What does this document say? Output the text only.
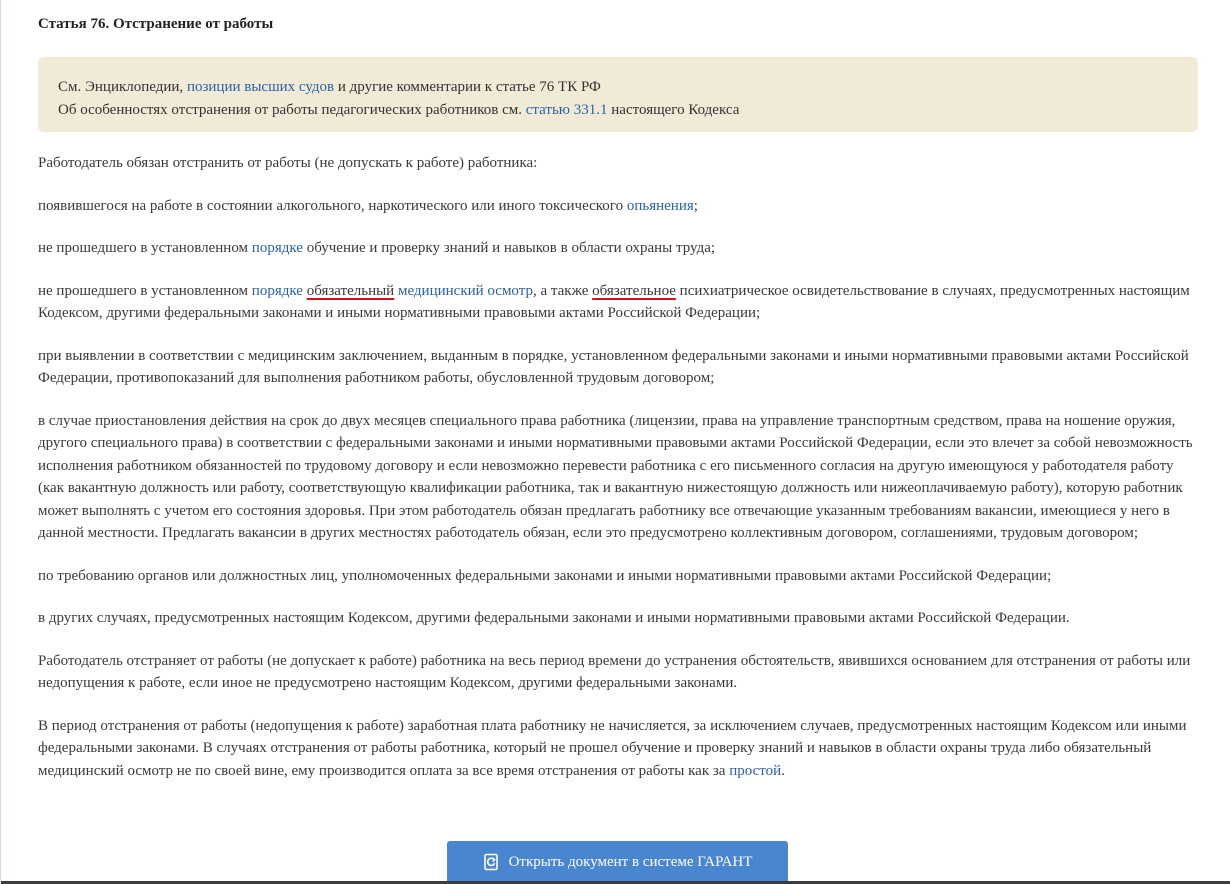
Статья 76. Отстранение от работы
См. Энциклопедии, позиции высших судов и другие комментарии к статье 76 ТК РФ
Об особенностях отстранения от работы педагогических работников см. статью 331.1 настоящего Кодекса

Работодатель обязан отстранить от работы (не допускать к работе) работника:

появившегося на работе в состоянии алкогольного, наркотического или иного токсического опьянения;

не прошедшего в установленном порядке обучение и проверку знаний и навыков в области охраны труда;

не прошедшего в установленном порядке обязательный медицинский осмотр, а также обязательное психиатрическое освидетельствование в случаях, предусмотренных настоящим Кодексом, другими федеральными законами и иными нормативными правовыми актами Российской Федерации;

при выявлении в соответствии с медицинским заключением, выданным в порядке, установленном федеральными законами и иными нормативными правовыми актами Российской Федерации, противопоказаний для выполнения работником работы, обусловленной трудовым договором;

в случае приостановления действия на срок до двух месяцев специального права работника (лицензии, права на управление транспортным средством, права на ношение оружия, другого специального права) в соответствии с федеральными законами и иными нормативными правовыми актами Российской Федерации, если это влечет за собой невозможность исполнения работником обязанностей по трудовому договору и если невозможно перевести работника с его письменного согласия на другую имеющуюся у работодателя работу (как вакантную должность или работу, соответствующую квалификации работника, так и вакантную нижестоящую должность или нижеоплачиваемую работу), которую работник может выполнять с учетом его состояния здоровья. При этом работодатель обязан предлагать работнику все отвечающие указанным требованиям вакансии, имеющиеся у него в данной местности. Предлагать вакансии в других местностях работодатель обязан, если это предусмотрено коллективным договором, соглашениями, трудовым договором;

по требованию органов или должностных лиц, уполномоченных федеральными законами и иными нормативными правовыми актами Российской Федерации;

в других случаях, предусмотренных настоящим Кодексом, другими федеральными законами и иными нормативными правовыми актами Российской Федерации.

Работодатель отстраняет от работы (не допускает к работе) работника на весь период времени до устранения обстоятельств, явившихся основанием для отстранения от работы или недопущения к работе, если иное не предусмотрено настоящим Кодексом, другими федеральными законами.

В период отстранения от работы (недопущения к работе) заработная плата работнику не начисляется, за исключением случаев, предусмотренных настоящим Кодексом или иными федеральными законами. В случаях отстранения от работы работника, который не прошел обучение и проверку знаний и навыков в области охраны труда либо обязательный медицинский осмотр не по своей вине, ему производится оплата за все время отстранения от работы как за простой.

Открыть документ в системе ГАРАНТ
